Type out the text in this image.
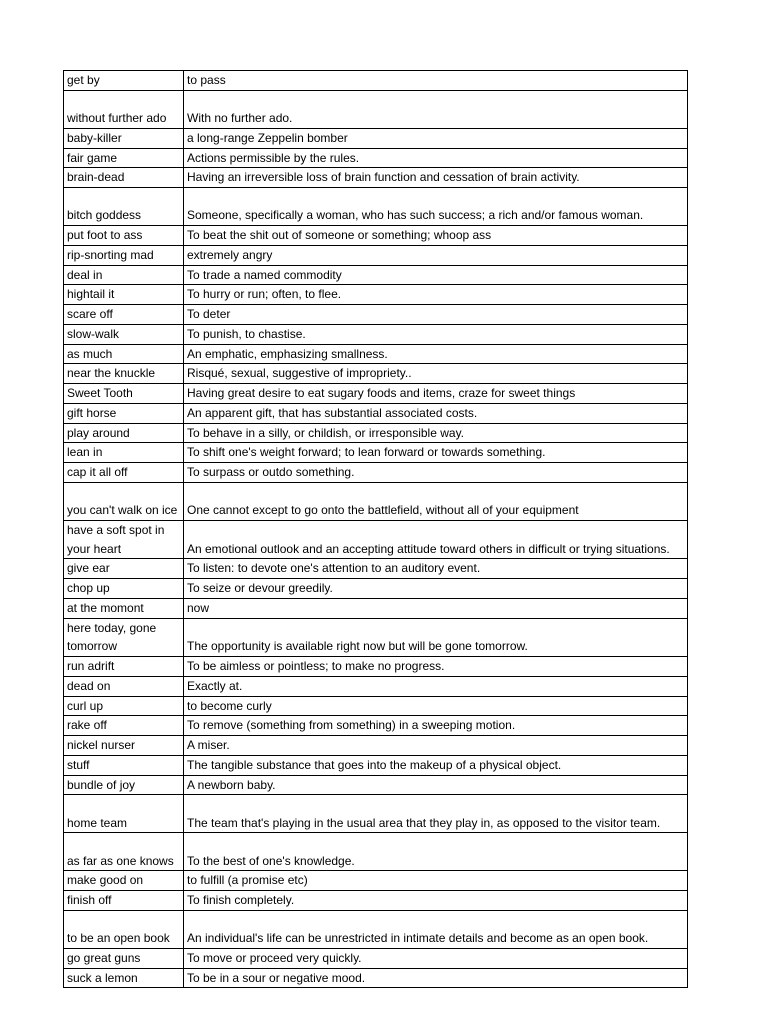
get by	to pass
without further ado	With no further ado.
baby-killer	a long-range Zeppelin bomber
fair game	Actions permissible by the rules.
brain-dead	Having an irreversible loss of brain function and cessation of brain activity.
bitch goddess	Someone, specifically a woman, who has such success; a rich and/or famous woman.
put foot to ass	To beat the shit out of someone or something; whoop ass
rip-snorting mad	extremely angry
deal in	To trade a named commodity
hightail it	To hurry or run; often, to flee.
scare off	To deter
slow-walk	To punish, to chastise.
as much	An emphatic, emphasizing smallness.
near the knuckle	Risqué, sexual, suggestive of impropriety..
Sweet Tooth	Having great desire to eat sugary foods and items, craze for sweet things
gift horse	An apparent gift, that has substantial associated costs.
play around	To behave in a silly, or childish, or irresponsible way.
lean in	To shift one's weight forward; to lean forward or towards something.
cap it all off	To surpass or outdo something.
you can't walk on ice	One cannot except to go onto the battlefield, without all of your equipment
have a soft spot in your heart	An emotional outlook and an accepting attitude toward others in difficult or trying situations.
give ear	To listen: to devote one's attention to an auditory event.
chop up	To seize or devour greedily.
at the momont	now
here today, gone tomorrow	The opportunity is available right now but will be gone tomorrow.
run adrift	To be aimless or pointless; to make no progress.
dead on	Exactly at.
curl up	to become curly
rake off	To remove (something from something) in a sweeping motion.
nickel nurser	A miser.
stuff	The tangible substance that goes into the makeup of a physical object.
bundle of joy	A newborn baby.
home team	The team that's playing in the usual area that they play in, as opposed to the visitor team.
as far as one knows	To the best of one's knowledge.
make good on	to fulfill (a promise etc)
finish off	To finish completely.
to be an open book	An individual's life can be unrestricted in intimate details and become as an open book.
go great guns	To move or proceed very quickly.
suck a lemon	To be in a sour or negative mood.
